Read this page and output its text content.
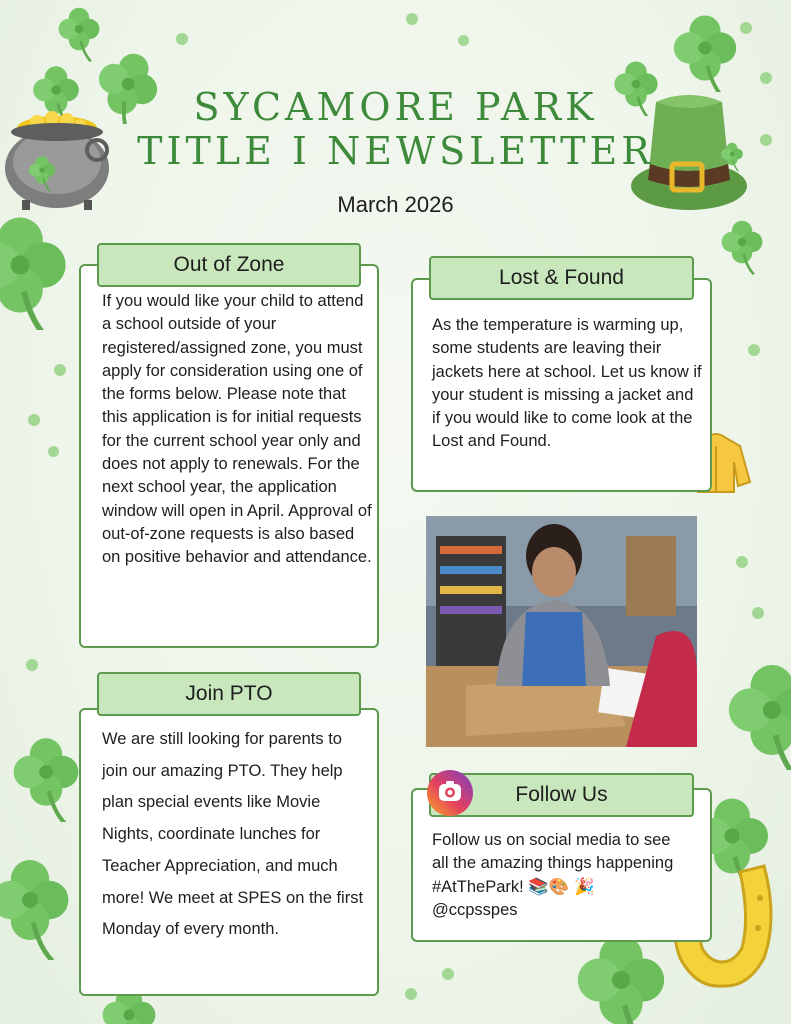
SYCAMORE PARK
TITLE I NEWSLETTER
March 2026
Out of Zone

If you would like your child to attend a school outside of your registered/assigned zone, you must apply for consideration using one of the forms below. Please note that this application is for initial requests for the current school year only and does not apply to renewals. For the next school year, the application window will open in April. Approval of out-of-zone requests is also based on positive behavior and attendance.

Lost & Found

As the temperature is warming up, some students are leaving their jackets here at school. Let us know if your student is missing a jacket and if you would like to come look at the Lost and Found.

Join PTO

We are still looking for parents to join our amazing PTO. They help plan special events like Movie Nights, coordinate lunches for Teacher Appreciation, and much more! We meet at SPES on the first Monday of every month.

Follow Us

Follow us on social media to see all the amazing things happening #AtThePark! 📚🎨 🎉 @ccpsspes
